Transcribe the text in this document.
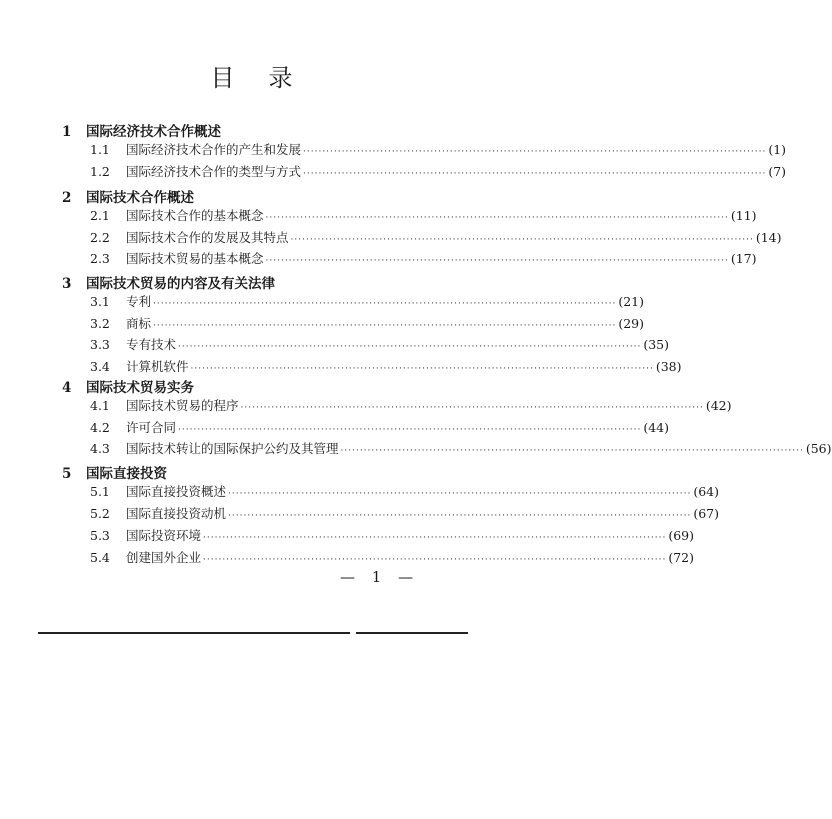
目 录
1 国际经济技术合作概述
1.1	国际经济技术合作的产生和发展 ························································································································ (1)
1.2	国际经济技术合作的类型与方式 ························································································································ (7)
2 国际技术合作概述
2.1	国际技术合作的基本概念 ························································································································ (11)
2.2	国际技术合作的发展及其特点 ························································································································ (14)
2.3	国际技术贸易的基本概念 ························································································································ (17)
3 国际技术贸易的内容及有关法律
3.1	专利 ························································································································ (21)
3.2	商标 ························································································································ (29)
3.3	专有技术 ························································································································ (35)
3.4	计算机软件 ························································································································ (38)
4 国际技术贸易实务
4.1	国际技术贸易的程序 ························································································································ (42)
4.2	许可合同 ························································································································ (44)
4.3	国际技术转让的国际保护公约及其管理 ························································································································ (56)
5 国际直接投资
5.1	国际直接投资概述 ························································································································ (64)
5.2	国际直接投资动机 ························································································································ (67)
5.3	国际投资环境 ························································································································ (69)
5.4	创建国外企业 ························································································································ (72)
— 1 —
